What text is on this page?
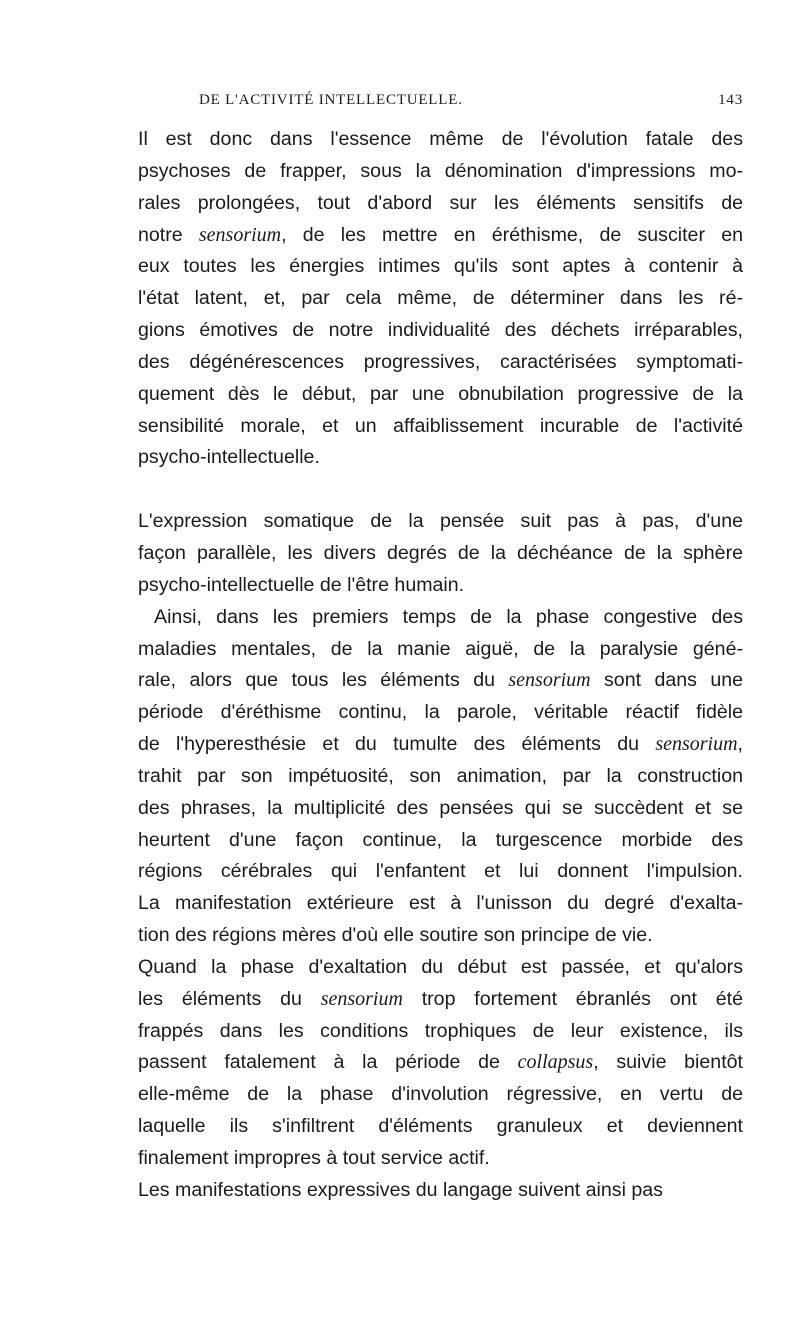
DE L'ACTIVITÉ INTELLECTUELLE.	143
Il est donc dans l'essence même de l'évolution fatale des
psychoses de frapper, sous la dénomination d'impressions mo-
rales prolongées, tout d'abord sur les éléments sensitifs de
notre sensorium, de les mettre en éréthisme, de susciter en
eux toutes les énergies intimes qu'ils sont aptes à contenir à
l'état latent, et, par cela même, de déterminer dans les ré-
gions émotives de notre individualité des déchets irréparables,
des dégénérescences progressives, caractérisées symptomati-
quement dès le début, par une obnubilation progressive de la
sensibilité morale, et un affaiblissement incurable de l'activité
psycho-intellectuelle.
L'expression somatique de la pensée suit pas à pas, d'une
façon parallèle, les divers degrés de la déchéance de la sphère
psycho-intellectuelle de l'être humain.
Ainsi, dans les premiers temps de la phase congestive des
maladies mentales, de la manie aiguë, de la paralysie géné-
rale, alors que tous les éléments du sensorium sont dans une
période d'éréthisme continu, la parole, véritable réactif fidèle
de l'hyperesthésie et du tumulte des éléments du sensorium,
trahit par son impétuosité, son animation, par la construction
des phrases, la multiplicité des pensées qui se succèdent et se
heurtent d'une façon continue, la turgescence morbide des
régions cérébrales qui l'enfantent et lui donnent l'impulsion.
La manifestation extérieure est à l'unisson du degré d'exalta-
tion des régions mères d'où elle soutire son principe de vie.
Quand la phase d'exaltation du début est passée, et qu'alors
les éléments du sensorium trop fortement ébranlés ont été
frappés dans les conditions trophiques de leur existence, ils
passent fatalement à la période de collapsus, suivie bientôt
elle-même de la phase d'involution régressive, en vertu de
laquelle ils s'infiltrent d'éléments granuleux et deviennent
finalement impropres à tout service actif.
Les manifestations expressives du langage suivent ainsi pas
